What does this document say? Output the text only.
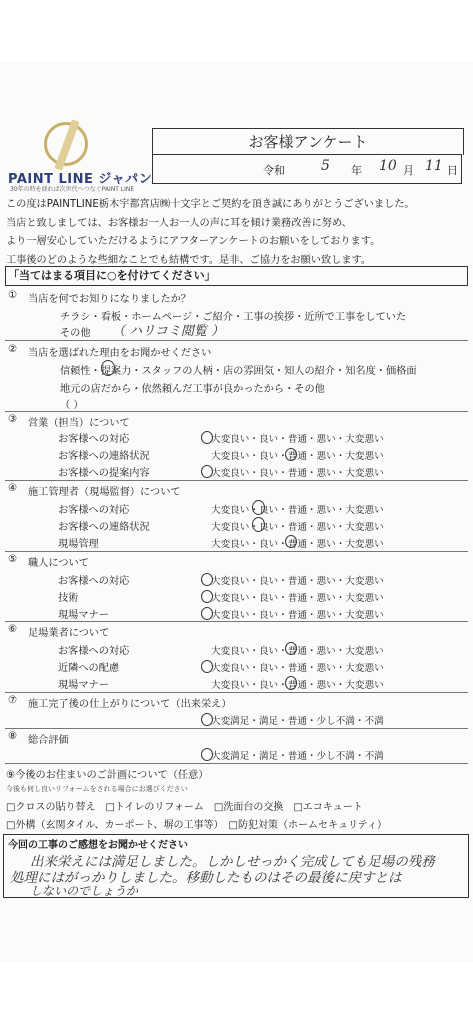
PAINT LINE ジャパン
30年の時を経れば次世代へつなぐPAINT LINE
お客様アンケート
令和	5 年 10 月 11 日
この度はPAINTLINE栃木宇都宮店㈱十文字とご契約を頂き誠にありがとうございました。
当店と致しましては、お客様お一人お一人の声に耳を傾け業務改善に努め、
より一層安心していただけるようにアフターアンケートのお願いをしております。
工事後のどのような些細なことでも結構です。是非、ご協力をお願い致します。
「当てはまる項目に○を付けてください」
① 当店を何でお知りになりましたか？
チラシ・看板・ホームページ・ご紹介・工事の挨拶・近所で工事をしていた
その他 （ ハリコミ閲覧 ）
② 当店を選ばれた理由をお聞かせください
信頼性・提案力・スタッフの人柄・店の雰囲気・知人の紹介・知名度・価格面
地元の店だから・依然頼んだ工事が良かったから・その他
（ ）
③ 営業（担当）について
お客様への対応	大変良い・良い・普通・悪い・大変悪い
お客様への連絡状況	大変良い・良い・普通・悪い・大変悪い
お客様への提案内容	大変良い・良い・普通・悪い・大変悪い
④ 施工管理者（現場監督）について
お客様への対応	大変良い・良い・普通・悪い・大変悪い
お客様への連絡状況	大変良い・良い・普通・悪い・大変悪い
現場管理	大変良い・良い・普通・悪い・大変悪い
⑤ 職人について
お客様への対応	大変良い・良い・普通・悪い・大変悪い
技術	大変良い・良い・普通・悪い・大変悪い
現場マナー	大変良い・良い・普通・悪い・大変悪い
⑥ 足場業者について
お客様への対応	大変良い・良い・普通・悪い・大変悪い
近隣への配慮	大変良い・良い・普通・悪い・大変悪い
現場マナー	大変良い・良い・普通・悪い・大変悪い
⑦ 施工完了後の仕上がりについて（出来栄え）
大変満足・満足・普通・少し不満・不満
⑧ 総合評価
大変満足・満足・普通・少し不満・不満
⑨今後のお住まいのご計画について（任意）
今後も何し良いリフォームをされる場合にお選びください
□クロスの貼り替え　□トイレのリフォーム　□洗面台の交換　□エコキュート
□外構（玄関タイル、カーポート、塀の工事等）　□防犯対策（ホームセキュリティ）
今回の工事のご感想をお聞かせください
出来栄えには満足しました。しかしせっかく完成しても足場の残務
処理にはがっかりしました。移動したものはその最後に戻すとは
しないのでしょうか
